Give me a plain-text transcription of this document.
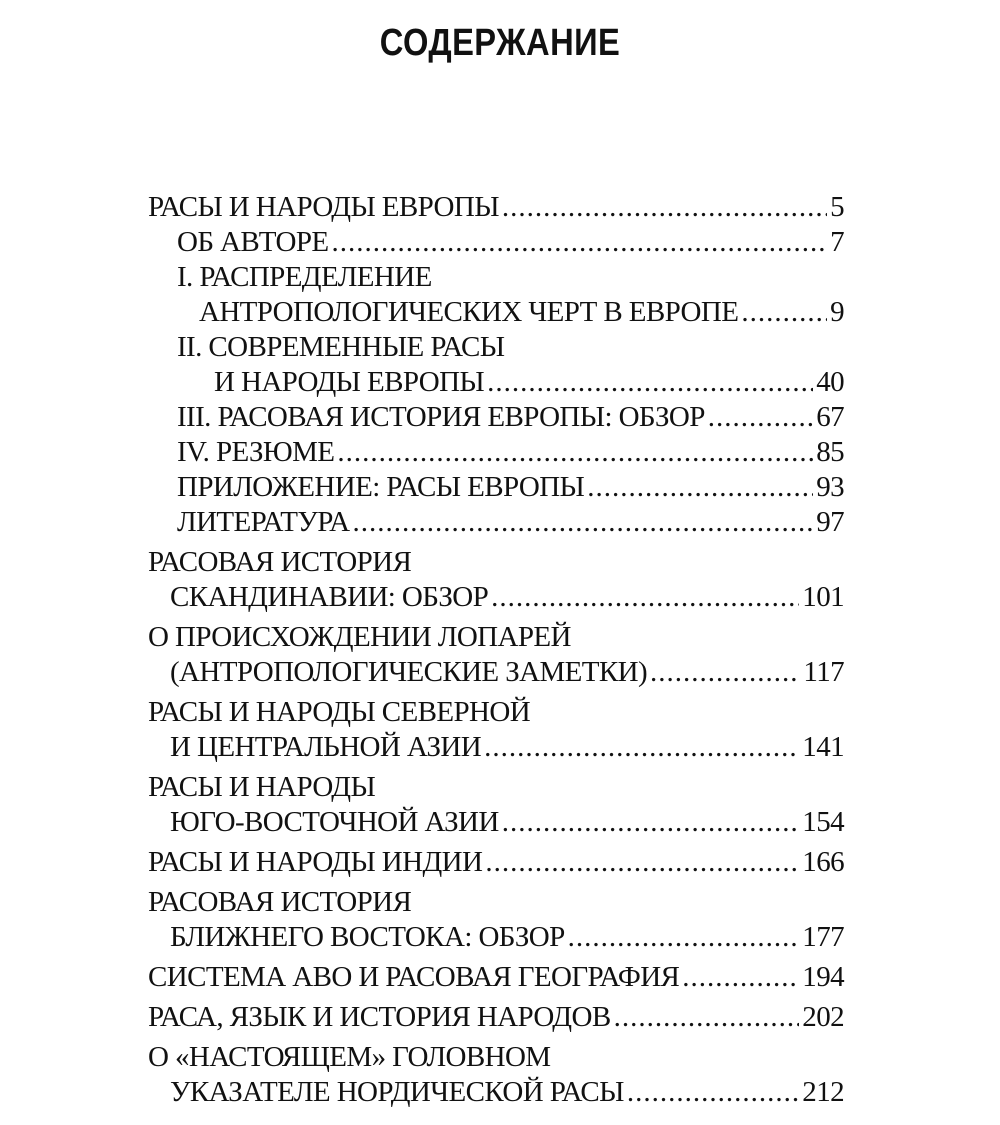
СОДЕРЖАНИЕ
РАСЫ И НАРОДЫ ЕВРОПЫ .....	5
ОБ АВТОРЕ .....	7
I. РАСПРЕДЕЛЕНИЕ
АНТРОПОЛОГИЧЕСКИХ ЧЕРТ В ЕВРОПЕ .....	9
II. СОВРЕМЕННЫЕ РАСЫ
И НАРОДЫ ЕВРОПЫ .....	40
III. РАСОВАЯ ИСТОРИЯ ЕВРОПЫ: ОБЗОР .....	67
IV. РЕЗЮМЕ .....	85
ПРИЛОЖЕНИЕ: РАСЫ ЕВРОПЫ .....	93
ЛИТЕРАТУРА .....	97
РАСОВАЯ ИСТОРИЯ
СКАНДИНАВИИ: ОБЗОР .....	101
О ПРОИСХОЖДЕНИИ ЛОПАРЕЙ
(АНТРОПОЛОГИЧЕСКИЕ ЗАМЕТКИ) .....	117
РАСЫ И НАРОДЫ СЕВЕРНОЙ
И ЦЕНТРАЛЬНОЙ АЗИИ .....	141
РАСЫ И НАРОДЫ
ЮГО-ВОСТОЧНОЙ АЗИИ .....	154
РАСЫ И НАРОДЫ ИНДИИ .....	166
РАСОВАЯ ИСТОРИЯ
БЛИЖНЕГО ВОСТОКА: ОБЗОР .....	177
СИСТЕМА АВО И РАСОВАЯ ГЕОГРАФИЯ .....	194
РАСА, ЯЗЫК И ИСТОРИЯ НАРОДОВ .....	202
О «НАСТОЯЩЕМ» ГОЛОВНОМ
УКАЗАТЕЛЕ НОРДИЧЕСКОЙ РАСЫ .....	212
